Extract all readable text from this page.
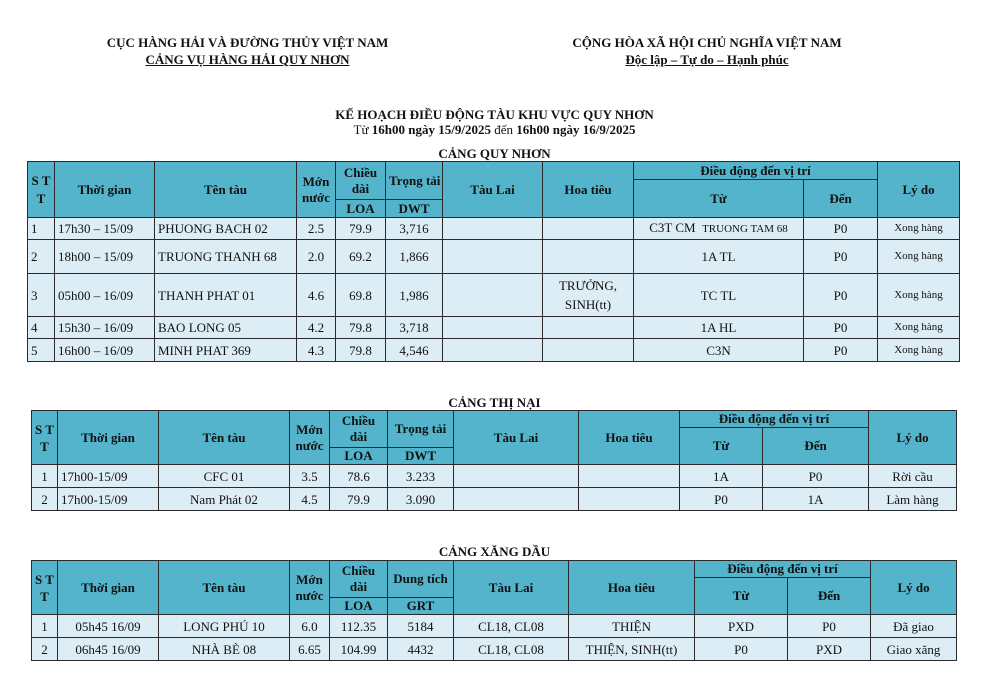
CỤC HÀNG HẢI VÀ ĐƯỜNG THỦY VIỆT NAM
CẢNG VỤ HÀNG HẢI QUY NHƠN
CỘNG HÒA XÃ HỘI CHỦ NGHĨA VIỆT NAM
Độc lập – Tự do – Hạnh phúc
KẾ HOẠCH ĐIỀU ĐỘNG TÀU KHU VỰC QUY NHƠN
Từ 16h00 ngày 15/9/2025 đến 16h00 ngày 16/9/2025
CẢNG QUY NHƠN
S T T	Thời gian	Tên tàu	Mớn nước	Chiều dài	Trọng tải	Tàu Lai	Hoa tiêu	Điều động đến vị trí		Lý do
								Từ	Đến	
				LOA	DWT					
1	17h30 – 15/09	PHUONG BACH 02	2.5	79.9	3,716			C3T CM TRUONG TAM 68	P0	Xong hàng
2	18h00 – 15/09	TRUONG THANH 68	2.0	69.2	1,866			1A TL	P0	Xong hàng
3	05h00 – 16/09	THANH PHAT 01	4.6	69.8	1,986		TRƯỞNG, SINH(tt)	TC TL	P0	Xong hàng
4	15h30 – 16/09	BAO LONG 05	4.2	79.8	3,718			1A HL	P0	Xong hàng
5	16h00 – 16/09	MINH PHAT 369	4.3	79.8	4,546			C3N	P0	Xong hàng
CẢNG THỊ NẠI
S T T	Thời gian	Tên tàu	Mớn nước	Chiều dài	Trọng tải	Tàu Lai	Hoa tiêu	Điều động đến vị trí		Lý do
								Từ	Đến	
				LOA	DWT					
1	17h00-15/09	CFC 01	3.5	78.6	3.233			1A	P0	Rời cầu
2	17h00-15/09	Nam Phát 02	4.5	79.9	3.090			P0	1A	Làm hàng
CẢNG XĂNG DẦU
S T T	Thời gian	Tên tàu	Mớn nước	Chiều dài	Dung tích	Tàu Lai	Hoa tiêu	Điều động đến vị trí		Lý do
								Từ	Đến	
				LOA	GRT					
1	05h45 16/09	LONG PHÚ 10	6.0	112.35	5184	CL18, CL08	THIỆN	PXD	P0	Đã giao
2	06h45 16/09	NHÀ BÈ 08	6.65	104.99	4432	CL18, CL08	THIỆN, SINH(tt)	P0	PXD	Giao xăng
